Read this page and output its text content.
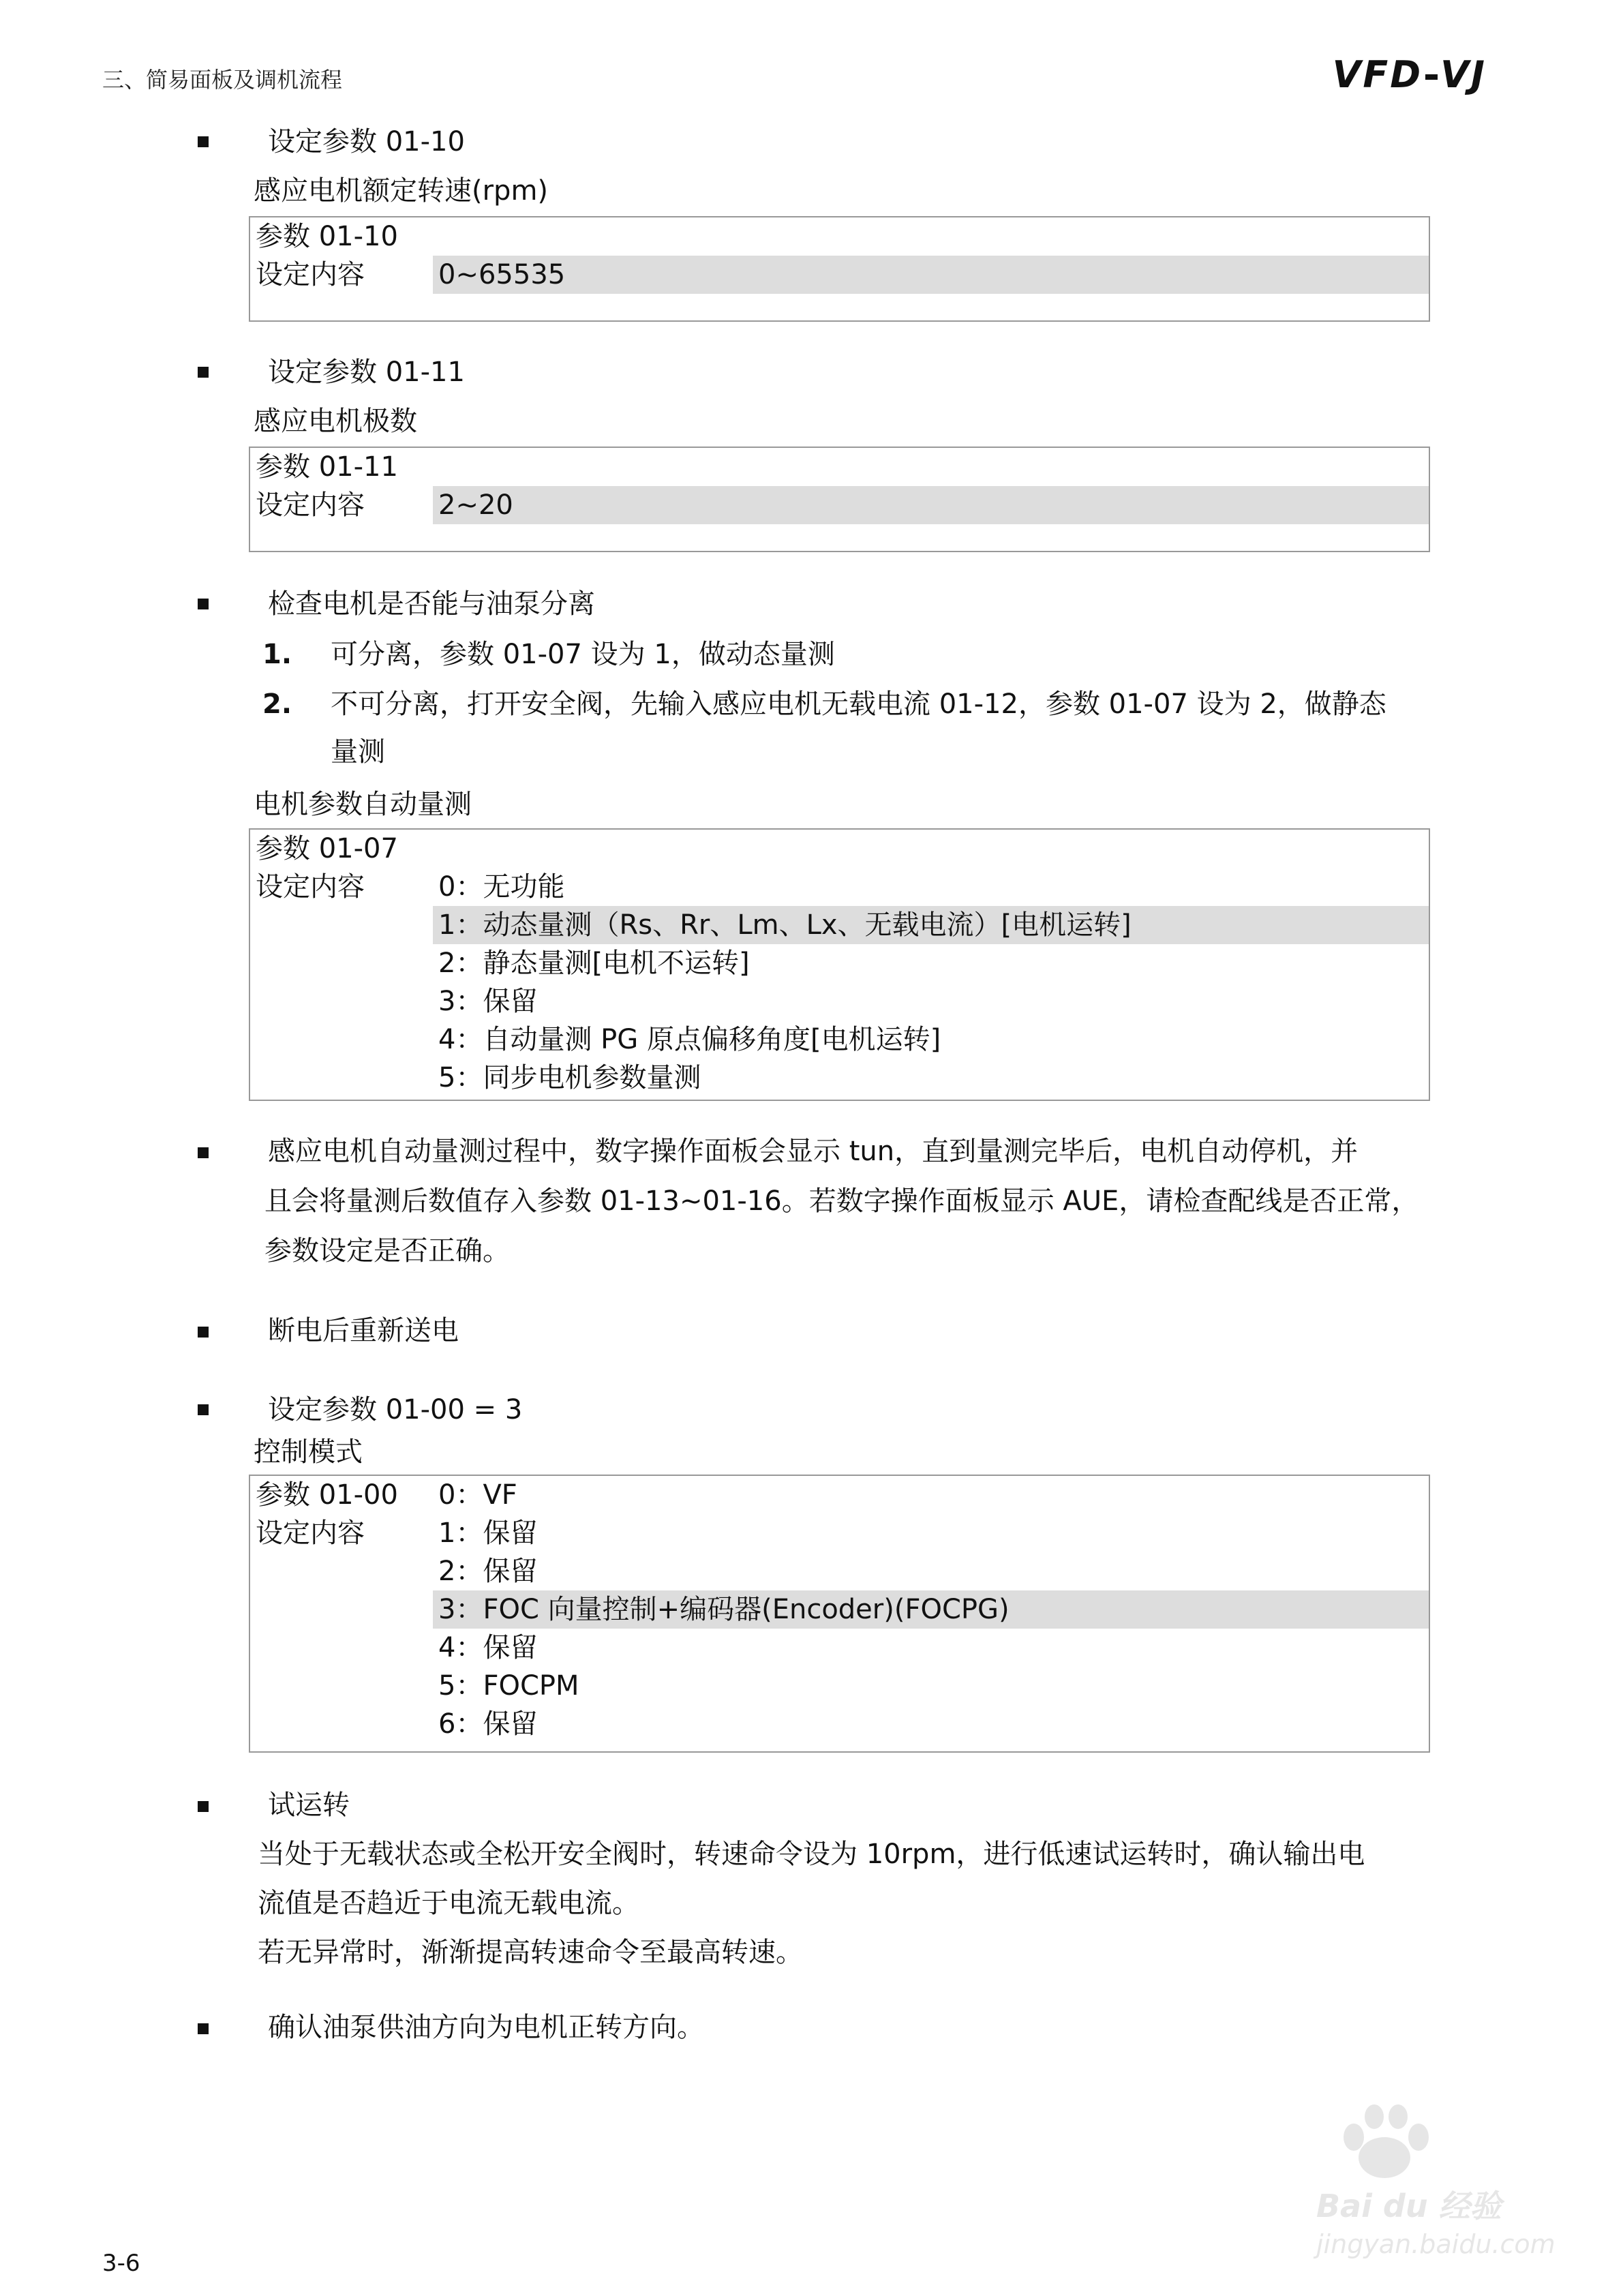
三、简易面板及调机流程	VFD VJ
设定参数 01-10
感应电机额定转速(rpm)
参数 01-10
设定内容	0~65535
设定参数 01-11
感应电机极数
参数 01-11
设定内容	2~20
检查电机是否能与油泵分离
1. 可分离，参数 01-07 设为 1，做动态量测
2. 不可分离，打开安全阀，先输入感应电机无载电流 01-12，参数 01-07 设为 2，做静态
量测
电机参数自动量测
参数 01-07
设定内容	0：无功能
1：动态量测（Rs、Rr、Lm、Lx、无载电流）[电机运转]
2：静态量测[电机不运转]
3：保留
4：自动量测 PG 原点偏移角度[电机运转]
5：同步电机参数量测
感应电机自动量测过程中，数字操作面板会显示 tun，直到量测完毕后，电机自动停机，并
且会将量测后数值存入参数 01-13~01-16。若数字操作面板显示 AUE，请检查配线是否正常，
参数设定是否正确。
断电后重新送电
设定参数 01-00 = 3
控制模式
参数 01-00 0：VF
设定内容	1：保留
2：保留
3：FOC 向量控制+编码器(Encoder)(FOCPG)
4：保留
5：FOCPM
6：保留
试运转
当处于无载状态或全松开安全阀时，转速命令设为 10rpm，进行低速试运转时，确认输出电
流值是否趋近于电流无载电流。
若无异常时，渐渐提高转速命令至最高转速。
确认油泵供油方向为电机正转方向。
Bai du 经验
jingyan.baidu.com
3-6
